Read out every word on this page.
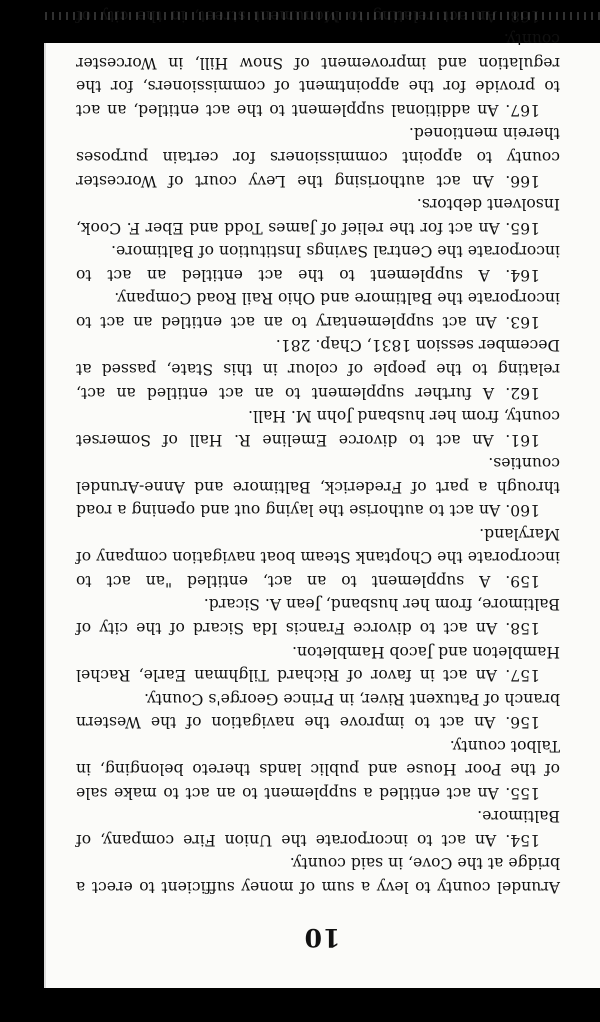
10

Arundel county to levy a sum of money sufficient to erect a bridge at the Cove, in said county.

154. An act to incorporate the Union Fire company, of Baltimore.

155. An act entitled a supplement to an act to make sale of the Poor House and public lands thereto belonging, in Talbot county.

156. An act to improve the navigation of the Western branch of Patuxent River, in Prince George's County.

157. An act in favor of Richard Tilghman Earle, Rachel Hambleton and Jacob Hambleton.

158. An act to divorce Francis Ida Sicard of the city of Baltimore, from her husband, Jean A. Sicard.

159. A supplement to an act, entitled "an act to incorporate the Choptank Steam boat navigation company of Maryland.

160. An act to authorise the laying out and opening a road through a part of Frederick, Baltimore and Anne-Arundel counties.

161. An act to divorce Emeline R. Hall of Somerset county, from her husband John M. Hall.

162. A further supplement to an act entitled an act, relating to the people of colour in this State, passed at December session 1831, Chap. 281.

163. An act supplementary to an act entitled an act to incorporate the Baltimore and Ohio Rail Road Company.

164. A supplement to the act entitled an act to incorporate the Central Savings Institution of Baltimore.

165. An act for the relief of James Todd and Eber F. Cook, Insolvent debtors.

166. An act authorising the Levy court of Worcester county to appoint commissioners for certain purposes therein mentioned.

167. An additional supplement to the act entitled, an act to provide for the appointment of commissioners, for the regulation and improvement of Snow Hill, in Worcester county.

168. An act relating to Monument street, in the city of
